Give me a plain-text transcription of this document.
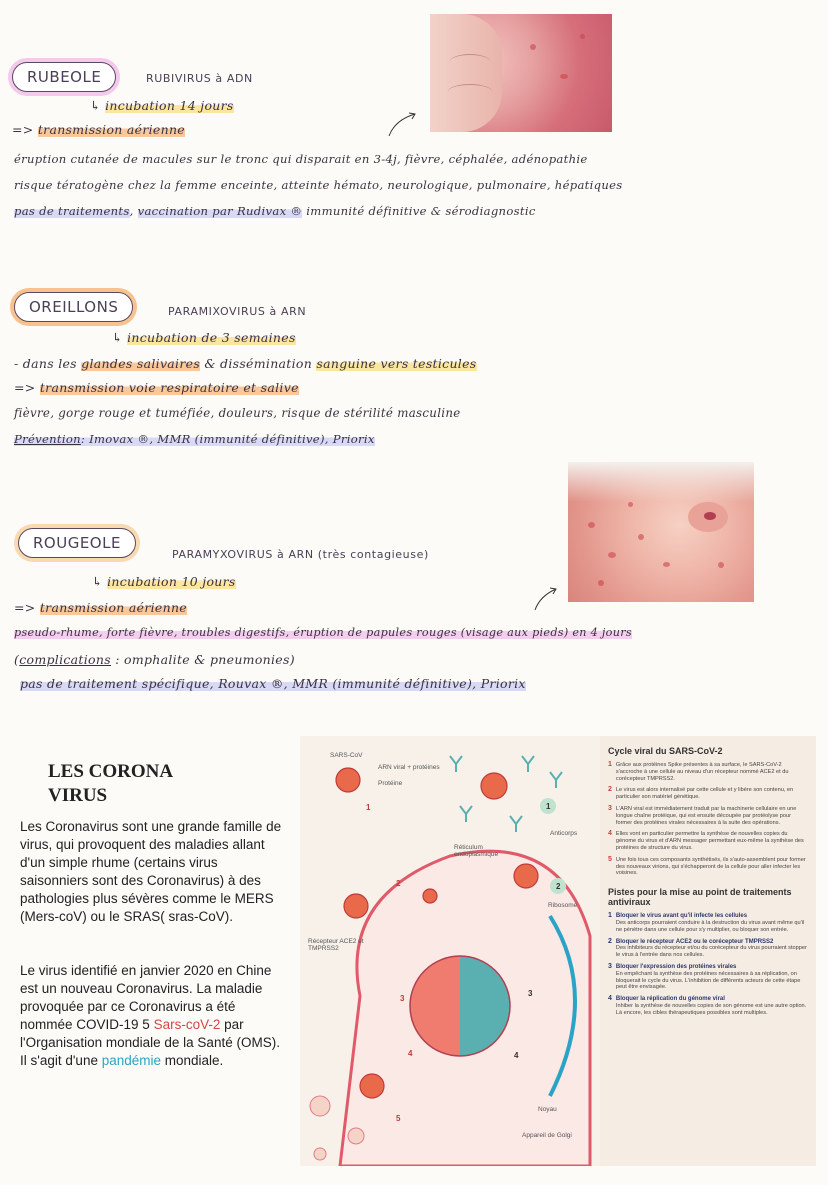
RUBEOLE	RUBIVIRUS à ADN
↳ incubation 14 jours
=> transmission aérienne
éruption cutanée de macules sur le tronc qui disparait en 3-4j, fièvre, céphalée, adénopathie
risque tératogène chez la femme enceinte, atteinte hémato, neurologique, pulmonaire, hépatiques
pas de traitements, vaccination par Rudivax ® immunité définitive & sérodiagnostic
OREILLONS	PARAMIXOVIRUS à ARN
↳ incubation de 3 semaines
- dans les glandes salivaires & dissémination sanguine vers testicules
=> transmission voie respiratoire et salive
fièvre, gorge rouge et tuméfiée, douleurs, risque de stérilité masculine
Prévention: Imovax ®, MMR (immunité définitive), Priorix
ROUGEOLE
PARAMYXOVIRUS à ARN (très contagieuse)
↳ incubation 10 jours
=> transmission aérienne
pseudo-rhume, forte fièvre, troubles digestifs, éruption de papules rouges (visage aux pieds) en 4 jours
(complications : omphalite & pneumonies)
pas de traitement spécifique, Rouvax ®, MMR (immunité définitive), Priorix
LES CORONA
VIRUS
Les Coronavirus sont une grande famille de virus, qui provoquent des maladies allant d'un simple rhume (certains virus saisonniers sont des Coronavirus) à des pathologies plus sévères comme le MERS (Mers-coV) ou le SRAS( sras-CoV).
Le virus identifié en janvier 2020 en Chine est un nouveau Coronavirus. La maladie provoquée par ce Coronavirus a été nommée COVID-19 5 Sars-coV-2 par l'Organisation mondiale de la Santé (OMS).
Il s'agit d'une pandémie mondiale.
1
2
3
4
5
1
2
3
4
SARS-CoV
ARN viral + protéines
Protéine
Anticorps
Réticulum endoplasmique
Ribosome
Récepteur ACE2 et TMPRSS2
Noyau
Appareil de Golgi
Cycle viral du SARS-CoV-2
1 Grâce aux protéines Spike présentes à sa surface, le SARS-CoV-2 s'accroche à une cellule au niveau d'un récepteur nommé ACE2 et du corécepteur TMPRSS2.
2 Le virus est alors internalisé par cette cellule et y libère son contenu, en particulier son matériel génétique.
3 L'ARN viral est immédiatement traduit par la machinerie cellulaire en une longue chaîne protéique, qui est ensuite découpée par protéolyse pour former des protéines virales nécessaires à la suite des opérations.
4 Elles vont en particulier permettre la synthèse de nouvelles copies du génome du virus et d'ARN messager permettant eux-même la synthèse des protéines de structure du virus.
5 Une fois tous ces composants synthétisés, ils s'auto-assemblent pour former des nouveaux virions, qui s'échapperont de la cellule pour aller infecter les voisines.
Pistes pour la mise au point de traitements antiviraux
1 Bloquer le virus avant qu'il infecte les cellules
Des anticorps pourraient conduire à la destruction du virus avant même qu'il ne pénètre dans une cellule pour s'y multiplier, ou bloquer son entrée.
2 Bloquer le récepteur ACE2 ou le corécepteur TMPRSS2
Des inhibiteurs du récepteur et/ou du corécepteur du virus pourraient stopper le virus à l'entrée dans nos cellules.
3 Bloquer l'expression des protéines virales
En empêchant la synthèse des protéines nécessaires à sa réplication, on bloquerait le cycle du virus. L'inhibition de différents acteurs de cette étape peut être envisagée.
4 Bloquer la réplication du génome viral
Inhiber la synthèse de nouvelles copies de son génome est une autre option. Là encore, les cibles thérapeutiques possibles sont multiples.
